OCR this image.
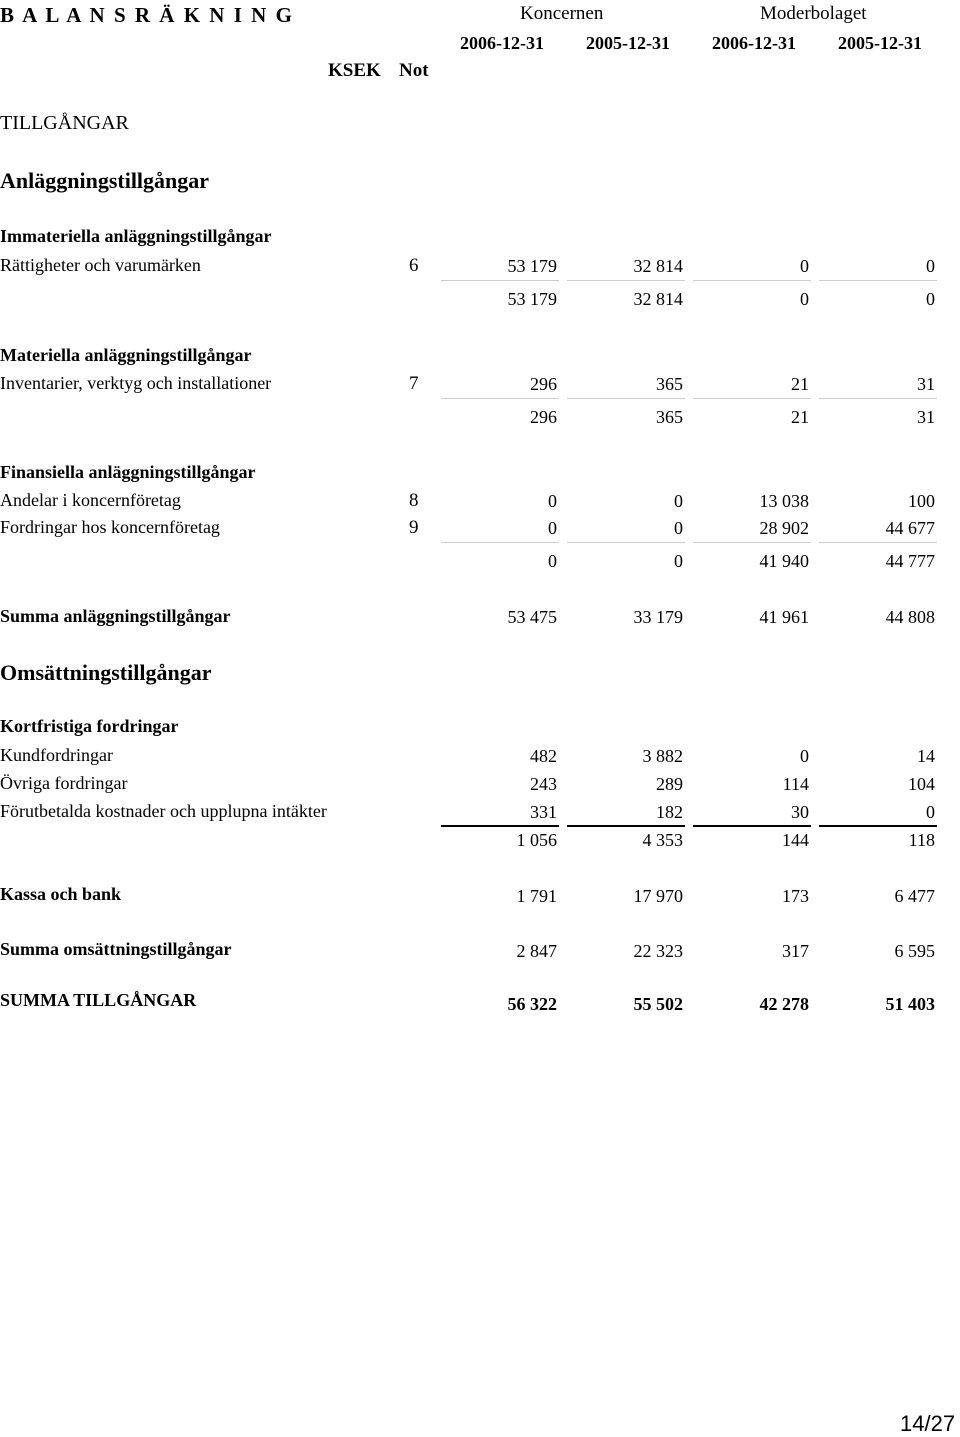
B A L A N S R Ä K N I N G	Koncernen	Moderbolaget
2006-12-31 2005-12-31 2006-12-31 2005-12-31
KSEK Not
TILLGÅNGAR
Anläggningstillgångar
Immateriella anläggningstillgångar
Materiella anläggningstillgångar
Finansiella anläggningstillgångar
Omsättningstillgångar
Kortfristiga fordringar
Rättigheter och varumärken	6	53 179	32 814	0	0
53 179	32 814	0	0
Inventarier, verktyg och installationer	7	296	365	21	31
296	365	21	31
Andelar i koncernföretag	8	0	0	13 038	100
Fordringar hos koncernföretag	9	0	0	28 902	44 677
0	0	41 940	44 777
Summa anläggningstillgångar	53 475	33 179	41 961	44 808
Kundfordringar	482	3 882	0	14
Övriga fordringar	243	289	114	104
Förutbetalda kostnader och upplupna intäkter	331	182	30	0
1 056	4 353	144	118
Kassa och bank	1 791	17 970	173	6 477
Summa omsättningstillgångar	2 847	22 323	317	6 595
SUMMA TILLGÅNGAR	56 322	55 502	42 278	51 403
14/27
